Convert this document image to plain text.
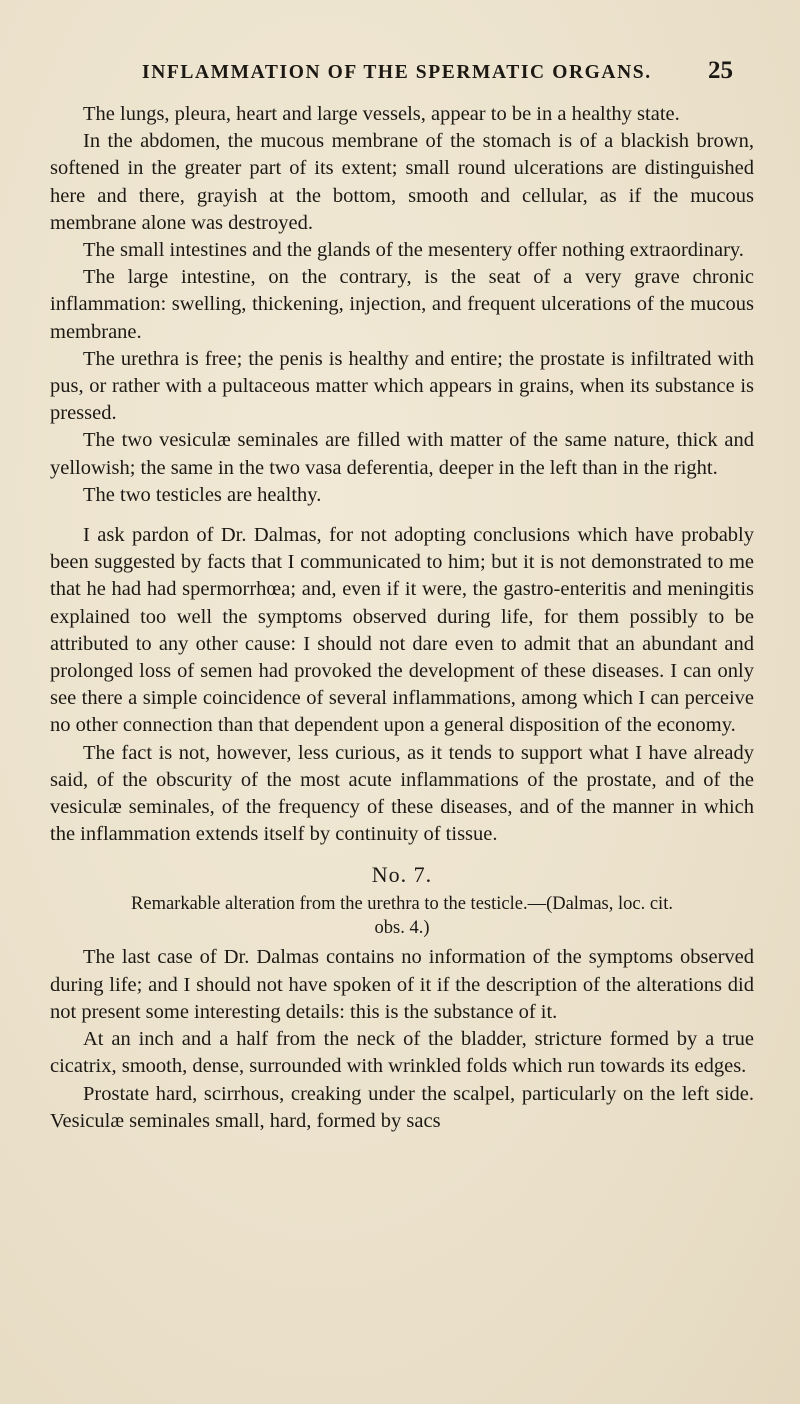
INFLAMMATION OF THE SPERMATIC ORGANS.	25

The lungs, pleura, heart and large vessels, appear to be in a healthy state.

In the abdomen, the mucous membrane of the stomach is of a blackish brown, softened in the greater part of its extent; small round ulcerations are distinguished here and there, grayish at the bottom, smooth and cellular, as if the mucous membrane alone was destroyed.

The small intestines and the glands of the mesentery offer nothing extraordinary.

The large intestine, on the contrary, is the seat of a very grave chronic inflammation: swelling, thickening, injection, and frequent ulcerations of the mucous membrane.

The urethra is free; the penis is healthy and entire; the prostate is infiltrated with pus, or rather with a pultaceous matter which appears in grains, when its substance is pressed.

The two vesiculæ seminales are filled with matter of the same nature, thick and yellowish; the same in the two vasa deferentia, deeper in the left than in the right.

The two testicles are healthy.

I ask pardon of Dr. Dalmas, for not adopting conclusions which have probably been suggested by facts that I communicated to him; but it is not demonstrated to me that he had had spermorrhœa; and, even if it were, the gastro-enteritis and meningitis explained too well the symptoms observed during life, for them possibly to be attributed to any other cause: I should not dare even to admit that an abundant and prolonged loss of semen had provoked the development of these diseases. I can only see there a simple coincidence of several inflammations, among which I can perceive no other connection than that dependent upon a general disposition of the economy.

The fact is not, however, less curious, as it tends to support what I have already said, of the obscurity of the most acute inflammations of the prostate, and of the vesiculæ seminales, of the frequency of these diseases, and of the manner in which the inflammation extends itself by continuity of tissue.

No. 7.
Remarkable alteration from the urethra to the testicle.—(Dalmas, loc. cit.
obs. 4.)

The last case of Dr. Dalmas contains no information of the symptoms observed during life; and I should not have spoken of it if the description of the alterations did not present some interesting details: this is the substance of it.

At an inch and a half from the neck of the bladder, stricture formed by a true cicatrix, smooth, dense, surrounded with wrinkled folds which run towards its edges.

Prostate hard, scirrhous, creaking under the scalpel, particularly on the left side. Vesiculæ seminales small, hard, formed by sacs
